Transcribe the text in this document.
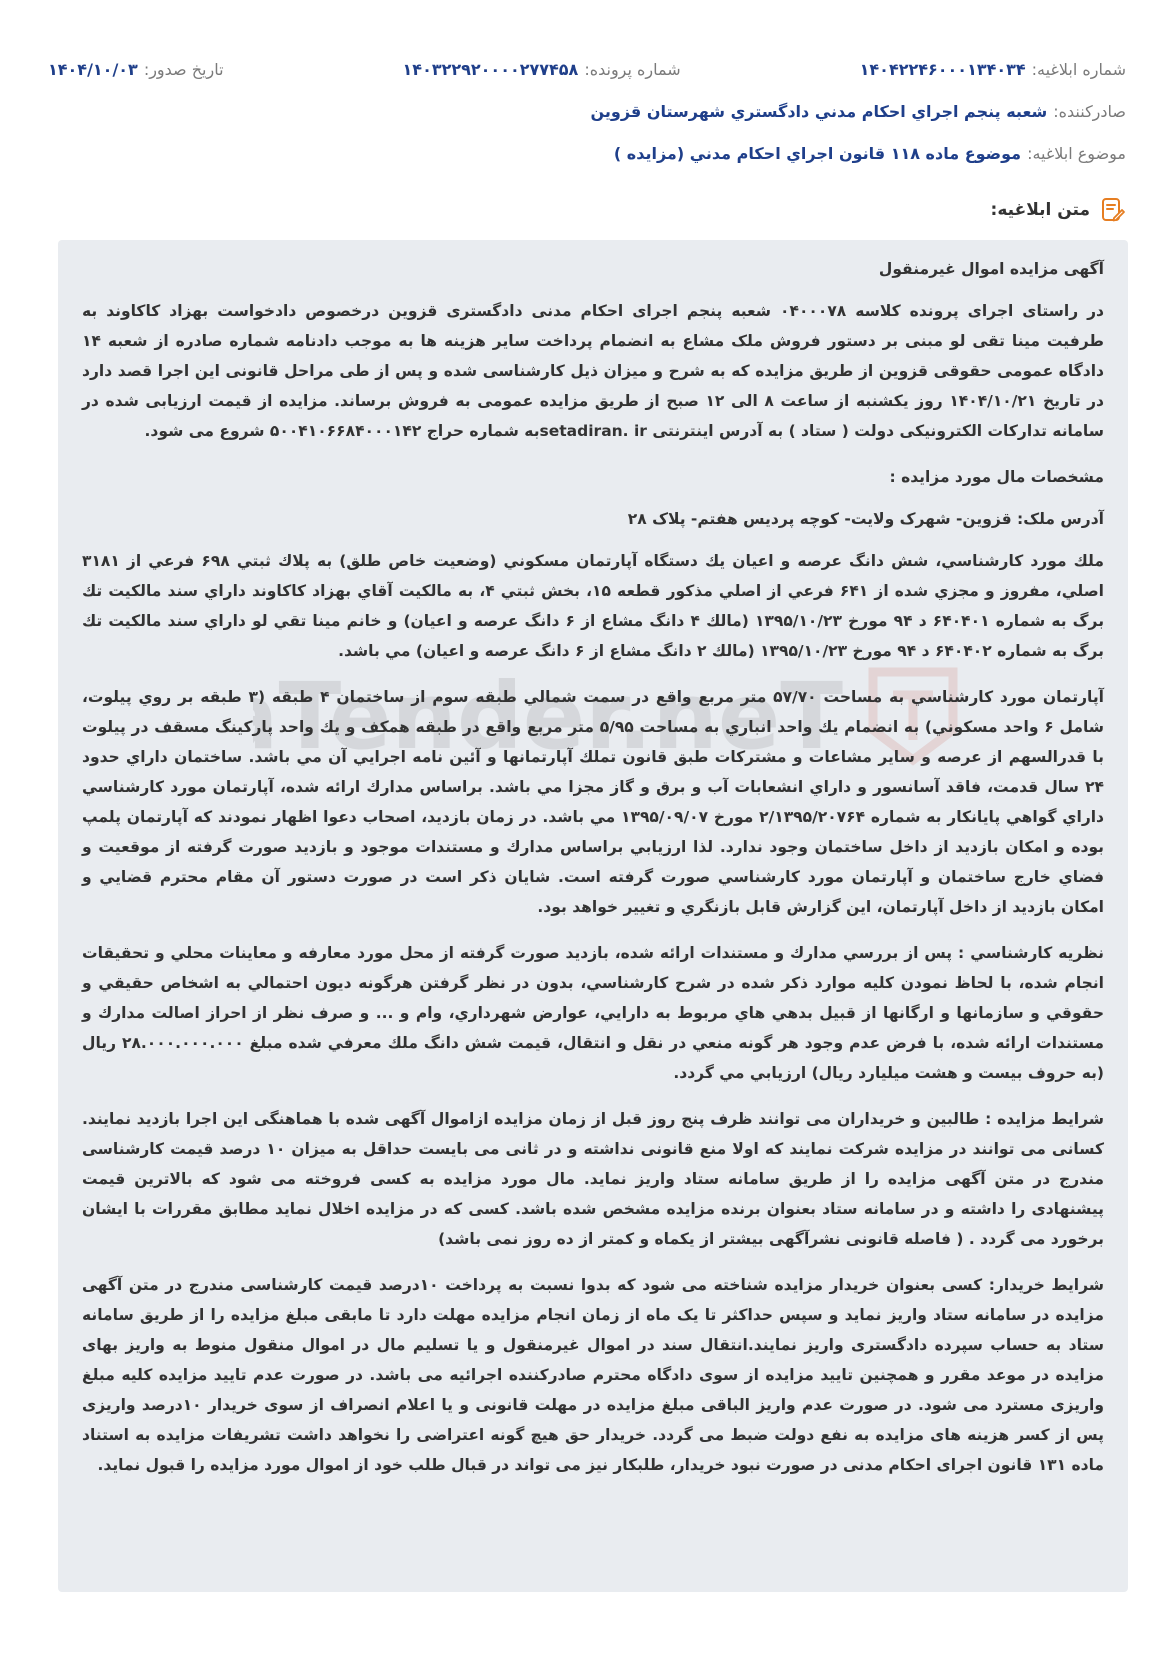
شماره ابلاغیه:
۱۴۰۴۲۲۴۶۰۰۰۱۳۴۰۳۴
شماره پرونده:
۱۴۰۳۲۲۹۲۰۰۰۰۲۷۷۴۵۸
تاریخ صدور:
۱۴۰۴/۱۰/۰۳
صادرکننده:
شعبه پنجم اجراي احكام مدني دادگستري شهرستان قزوين
موضوع ابلاغیه:
موضوع ماده ۱۱۸ قانون اجراي احكام مدني (مزايده )
متن ابلاغیه:
Tender.neT

آگهی مزایده اموال غیرمنقول

در راستای اجرای پرونده کلاسه ۰۴۰۰۰۷۸ شعبه پنجم اجرای احکام مدنی دادگستری قزوین درخصوص دادخواست بهزاد کاکاوند به طرفیت مینا تقی لو مبنی بر دستور فروش ملک مشاع به انضمام پرداخت سایر هزینه ها به موجب دادنامه شماره صادره از شعبه ۱۴ دادگاه عمومی حقوقی قزوین از طریق مزایده که به شرح و میزان ذیل کارشناسی شده و پس از طی مراحل قانونی این اجرا قصد دارد در تاریخ ۱۴۰۴/۱۰/۲۱ روز یکشنبه از ساعت ۸ الی ۱۲ صبح از طریق مزایده عمومی به فروش برساند. مزایده از قیمت ارزیابی شده در سامانه تدارکات الکترونیکی دولت ( ستاد ) به آدرس اینترنتی setadiran. irبه شماره حراج ۵۰۰۴۱۰۶۶۸۴۰۰۰۱۴۲ شروع می شود.

مشخصات مال مورد مزایده :

آدرس ملک: قزوین- شهرک ولایت- کوچه پردیس هفتم- پلاک ۲۸

ملك مورد كارشناسي، شش دانگ عرصه و اعيان يك دستگاه آپارتمان مسكوني (وضعيت خاص طلق) به پلاك ثبتي ۶۹۸ فرعي از ۳۱۸۱ اصلي، مفروز و مجزي شده از ۶۴۱ فرعي از اصلي مذكور قطعه ۱۵، بخش ثبتي ۴، به مالكيت آقاي بهزاد كاكاوند داراي سند مالكيت تك برگ به شماره ۶۴۰۴۰۱ د ۹۴ مورخ ۱۳۹۵/۱۰/۲۳ (مالك ۴ دانگ مشاع از ۶ دانگ عرصه و اعيان) و خانم مينا تقي لو داراي سند مالكيت تك برگ به شماره ۶۴۰۴۰۲ د ۹۴ مورخ ۱۳۹۵/۱۰/۲۳ (مالك ۲ دانگ مشاع از ۶ دانگ عرصه و اعيان) مي باشد.

آپارتمان مورد كارشناسي به مساحت ۵۷/۷۰ متر مربع واقع در سمت شمالي طبقه سوم از ساختمان ۴ طبقه (۳ طبقه بر روي پيلوت، شامل ۶ واحد مسكوني) به انضمام يك واحد انباري به مساحت ۵/۹۵ متر مربع واقع در طبقه همكف و يك واحد پاركينگ مسقف در پيلوت با قدرالسهم از عرصه و ساير مشاعات و مشتركات طبق قانون تملك آپارتمانها و آئين نامه اجرايي آن مي باشد. ساختمان داراي حدود ۲۴ سال قدمت، فاقد آسانسور و داراي انشعابات آب و برق و گاز مجزا مي باشد. براساس مدارك ارائه شده، آپارتمان مورد كارشناسي داراي گواهي پايانكار به شماره ۲/۱۳۹۵/۲۰۷۶۴ مورخ ۱۳۹۵/۰۹/۰۷ مي باشد. در زمان بازديد، اصحاب دعوا اظهار نمودند كه آپارتمان پلمپ بوده و امكان بازديد از داخل ساختمان وجود ندارد. لذا ارزيابي براساس مدارك و مستندات موجود و بازديد صورت گرفته از موقعيت و فضاي خارج ساختمان و آپارتمان مورد كارشناسي صورت گرفته است. شايان ذكر است در صورت دستور آن مقام محترم قضايي و امكان بازديد از داخل آپارتمان، اين گزارش قابل بازنگري و تغيير خواهد بود.

نظريه كارشناسي : پس از بررسي مدارك و مستندات ارائه شده، بازديد صورت گرفته از محل مورد معارفه و معاينات محلي و تحقيقات انجام شده، با لحاظ نمودن كليه موارد ذكر شده در شرح كارشناسي، بدون در نظر گرفتن هرگونه ديون احتمالي به اشخاص حقيقي و حقوقي و سازمانها و ارگانها از قبيل بدهي هاي مربوط به دارايي، عوارض شهرداري، وام و ... و صرف نظر از احراز اصالت مدارك و مستندات ارائه شده، با فرض عدم وجود هر گونه منعي در نقل و انتقال، قيمت شش دانگ ملك معرفي شده مبلغ ۲۸.۰۰۰.۰۰۰.۰۰۰ ريال (به حروف بيست و هشت ميليارد ريال) ارزيابي مي گردد.

شرایط مزایده : طالبین و خریداران می توانند ظرف پنج روز قبل از زمان مزایده ازاموال آگهی شده با هماهنگی این اجرا بازدید نمایند. کسانی می توانند در مزایده شرکت نمایند که اولا منع قانونی نداشته و در ثانی می بایست حداقل به میزان ۱۰ درصد قیمت کارشناسی مندرج در متن آگهی مزایده را از طریق سامانه ستاد واریز نماید. مال مورد مزایده به کسی فروخته می شود که بالاترین قیمت پیشنهادی را داشته و در سامانه ستاد بعنوان برنده مزایده مشخص شده باشد. کسی که در مزایده اخلال نماید مطابق مقررات با ایشان برخورد می گردد . ( فاصله قانونی نشرآگهی بیشتر از یکماه و کمتر از ده روز نمی باشد)

شرایط خریدار: کسی بعنوان خریدار مزایده شناخته می شود که بدوا نسبت به پرداخت ۱۰درصد قیمت کارشناسی مندرج در متن آگهی مزایده در سامانه ستاد واریز نماید و سپس حداکثر تا یک ماه از زمان انجام مزایده مهلت دارد تا مابقی مبلغ مزایده را از طریق سامانه ستاد به حساب سپرده دادگستری واریز نمایند.انتقال سند در اموال غیرمنقول و یا تسلیم مال در اموال منقول منوط به واریز بهای مزایده در موعد مقرر و همچنین تایید مزایده از سوی دادگاه محترم صادرکننده اجرائیه می باشد. در صورت عدم تایید مزایده کلیه مبلغ واریزی مسترد می شود. در صورت عدم واریز الباقی مبلغ مزایده در مهلت قانونی و یا اعلام انصراف از سوی خریدار ۱۰درصد واریزی پس از کسر هزینه های مزایده به نفع دولت ضبط می گردد. خریدار حق هیچ گونه اعتراضی را نخواهد داشت تشریفات مزایده به استناد ماده ۱۳۱ قانون اجرای احکام مدنی در صورت نبود خریدار، طلبکار نیز می تواند در قبال طلب خود از اموال مورد مزایده را قبول نماید.
